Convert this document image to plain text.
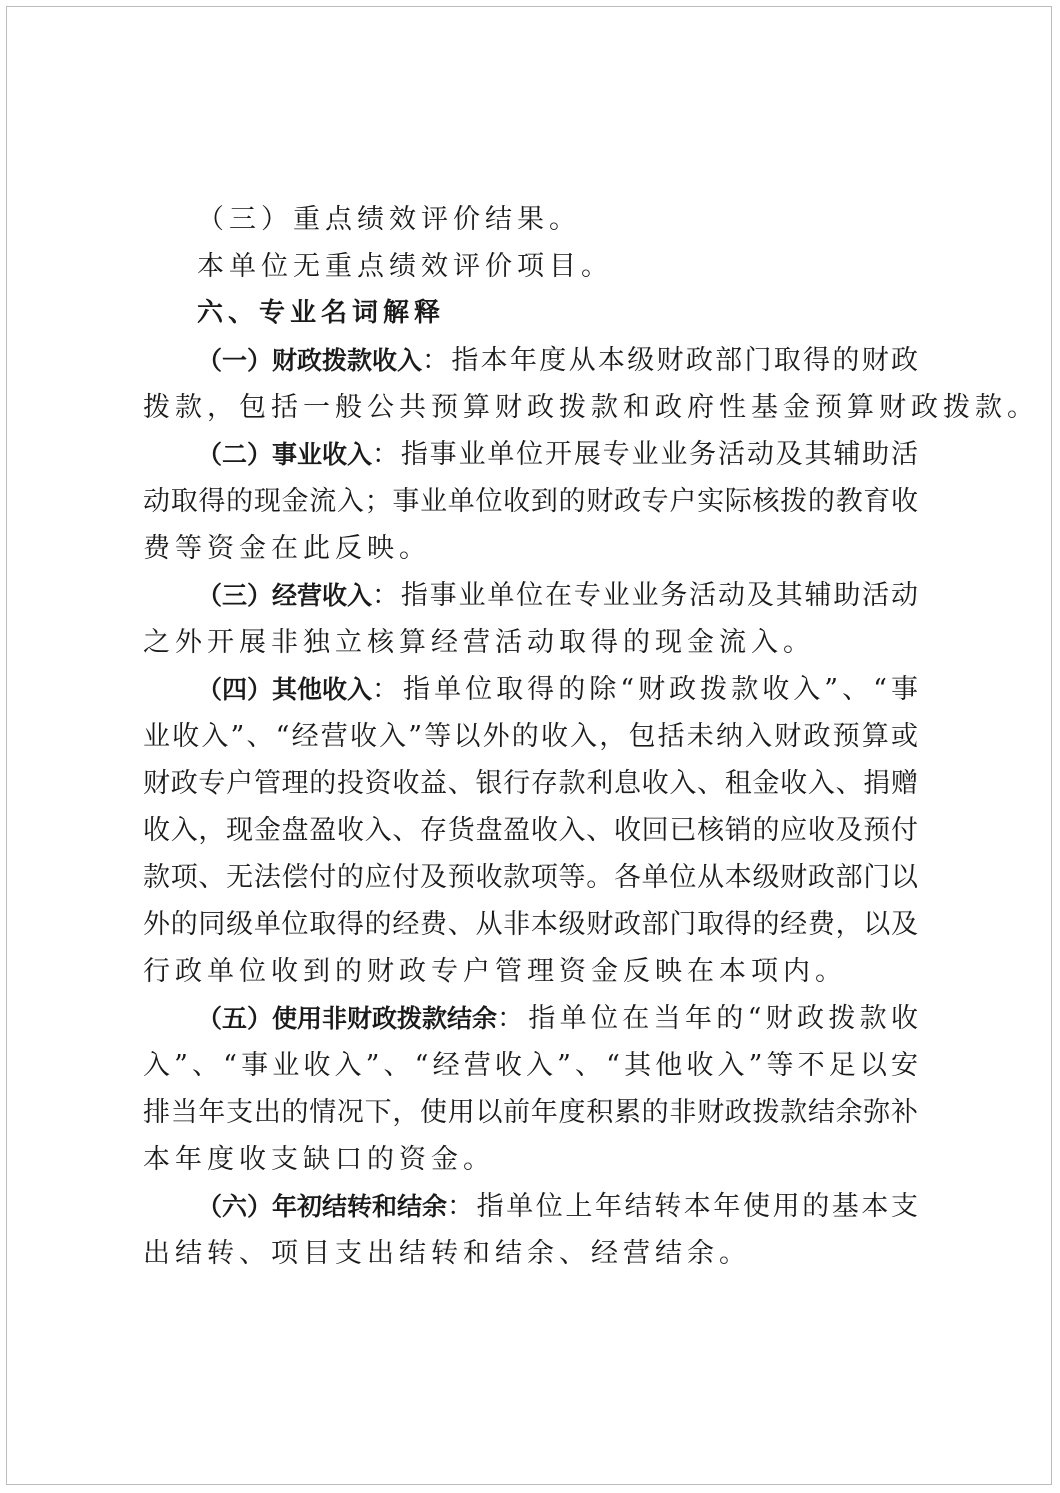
（三）重点绩效评价结果。
本单位无重点绩效评价项目。
六、专业名词解释
（一）财政拨款收入 ：指本年度从本级财政部门取得的财政
拨款，包括一般公共预算财政拨款和政府性基金预算财政拨款。
（二）事业收入 ：指事业单位开展专业业务活动及其辅助活
动取得的现金流入；事业单位收到的财政专户实际核拨的教育收
费等资金在此反映。
（三）经营收入 ：指事业单位在专业业务活动及其辅助活动
之外开展非独立核算经营活动取得的现金流入。
（四）其他收入 ：指单位取得的除“财政拨款收入”、“事
业收入”、“经营收入”等以外的收入，包括未纳入财政预算或
财政专户管理的投资收益、银行存款利息收入、租金收入、捐赠
收入，现金盘盈收入、存货盘盈收入、收回已核销的应收及预付
款项、无法偿付的应付及预收款项等。各单位从本级财政部门以
外的同级单位取得的经费、从非本级财政部门取得的经费，以及
行政单位收到的财政专户管理资金反映在本项内。
（五）使用非财政拨款结余 ：指单位在当年的“财政拨款收
入”、“事业收入”、“经营收入”、“其他收入”等不足以安
排当年支出的情况下，使用以前年度积累的非财政拨款结余弥补
本年度收支缺口的资金。
（六）年初结转和结余 ：指单位上年结转本年使用的基本支
出结转、项目支出结转和结余、经营结余。
